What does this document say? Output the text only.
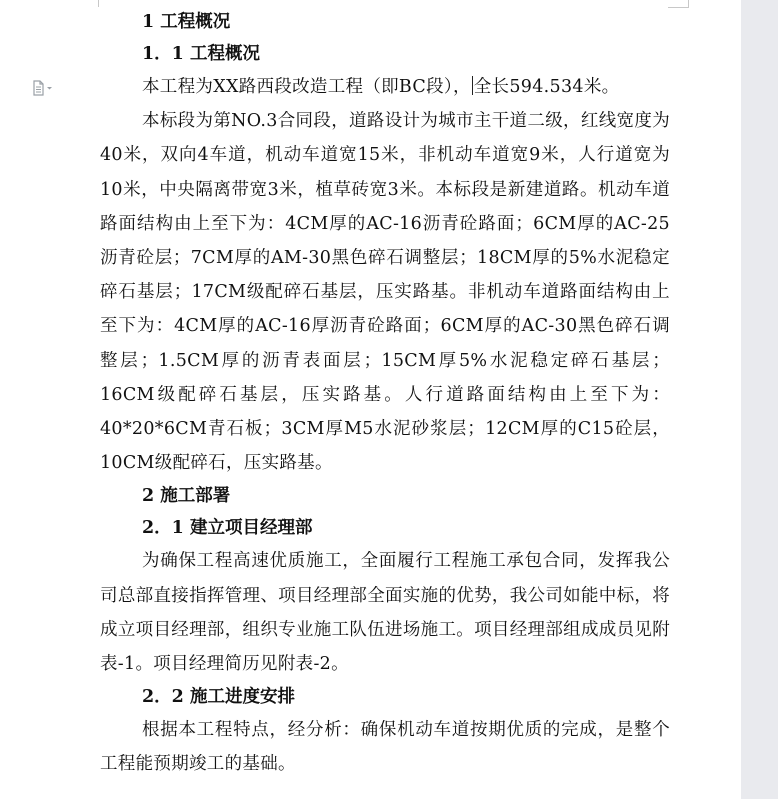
1 工程概况
1．1 工程概况

本工程为XX路西段改造工程（即BC段）， 全长594.534米。

本标段为第NO.3合同段，道路设计为城市主干道二级，红线宽度为40米，双向4车道，机动车道宽15米，非机动车道宽9米，人行道宽为10米，中央隔离带宽3米，植草砖宽3米。本标段是新建道路。机动车道路面结构由上至下为：4CM厚的AC-16沥青砼路面；6CM厚的AC-25沥青砼层；7CM厚的AM-30黑色碎石调整层；18CM厚的5%水泥稳定碎石基层；17CM级配碎石基层，压实路基。非机动车道路面结构由上至下为：4CM厚的AC-16厚沥青砼路面；6CM厚的AC-30黑色碎石调整层；1.5CM厚的沥青表面层；15CM厚5%水泥稳定碎石基层；16CM级配碎石基层，压实路基。人行道路面结构由上至下为：40*20*6CM青石板；3CM厚M5水泥砂浆层；12CM厚的C15砼层，10CM级配碎石，压实路基。

2 施工部署
2．1 建立项目经理部

为确保工程高速优质施工，全面履行工程施工承包合同，发挥我公司总部直接指挥管理、项目经理部全面实施的优势，我公司如能中标，将成立项目经理部，组织专业施工队伍进场施工。项目经理部组成成员见附表-1。项目经理简历见附表-2。

2．2 施工进度安排

根据本工程特点，经分析：确保机动车道按期优质的完成，是整个工程能预期竣工的基础。
